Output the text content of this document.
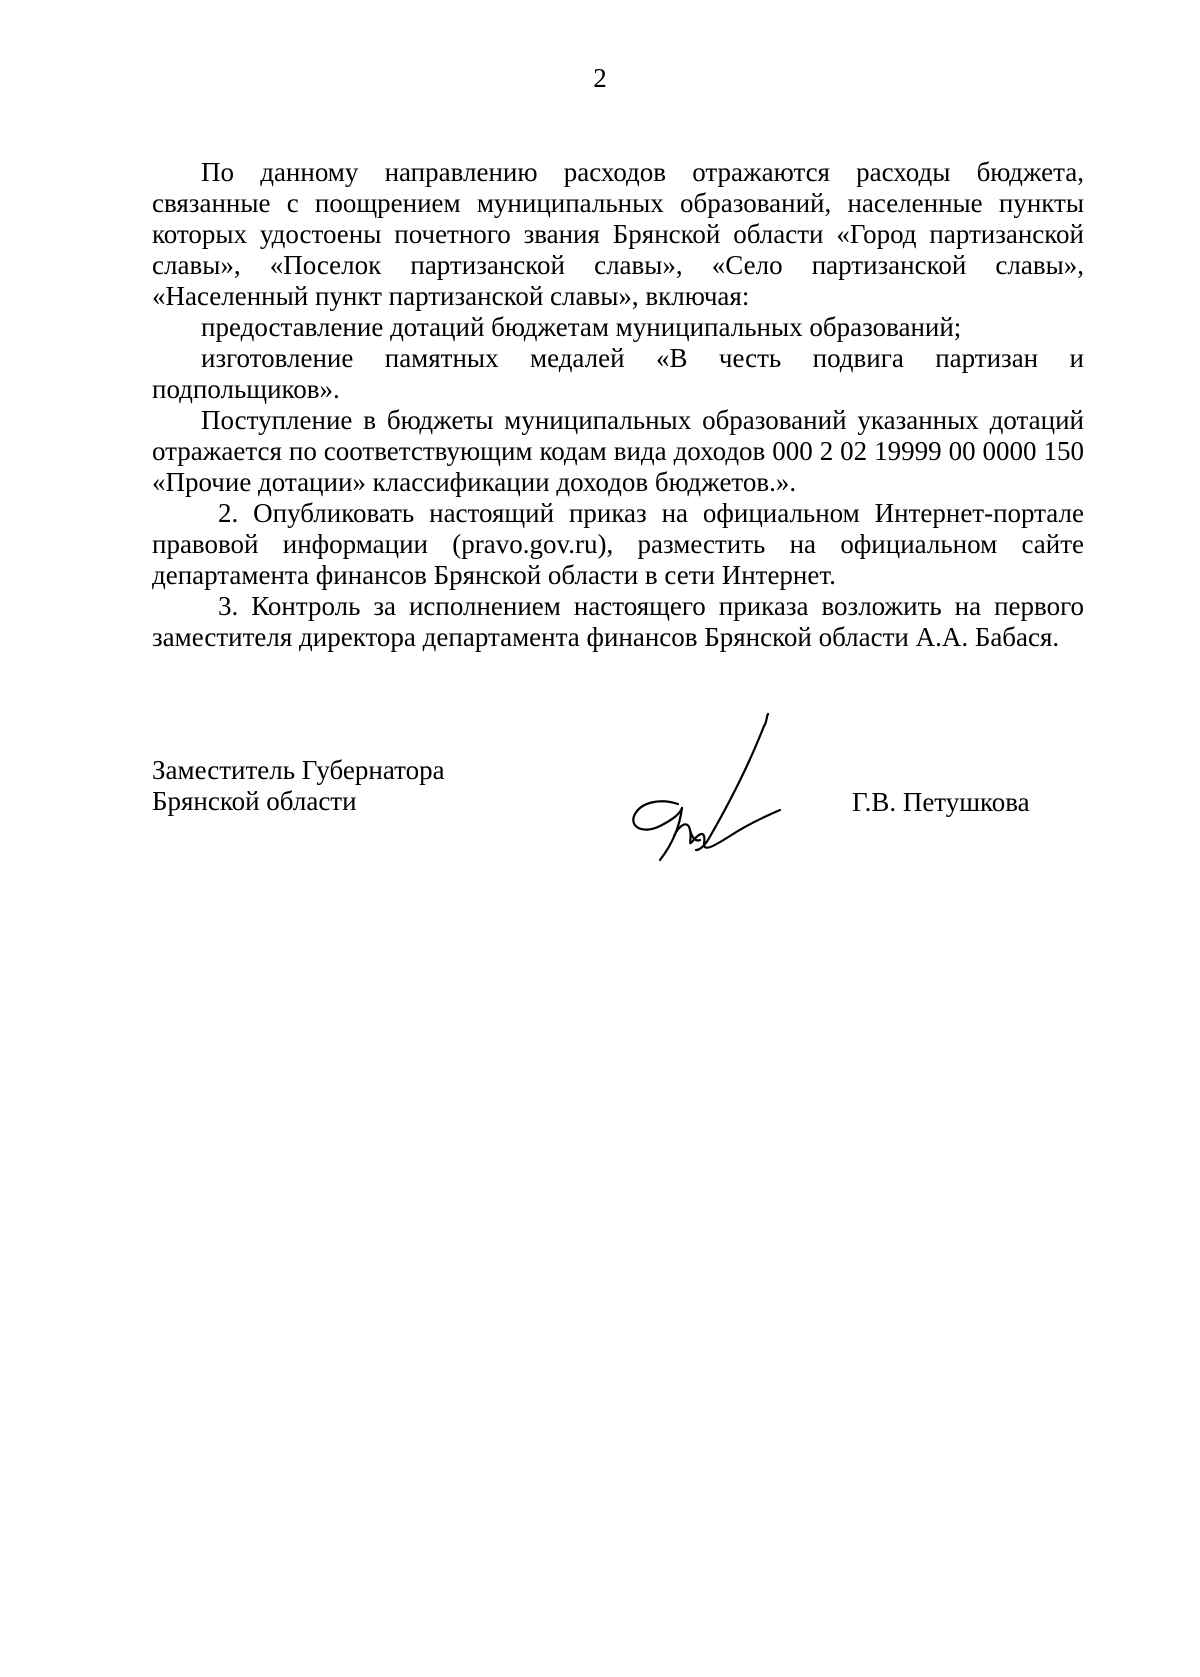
2

По данному направлению расходов отражаются расходы бюджета, связанные с поощрением муниципальных образований, населенные пункты которых удостоены почетного звания Брянской области «Город партизанской славы», «Поселок партизанской славы», «Село партизанской славы», «Населенный пункт партизанской славы», включая:

предоставление дотаций бюджетам муниципальных образований;

изготовление памятных медалей «В честь подвига партизан и подпольщиков».

Поступление в бюджеты муниципальных образований указанных дотаций отражается по соответствующим кодам вида доходов 000 2 02 19999 00 0000 150 «Прочие дотации» классификации доходов бюджетов.».

2. Опубликовать настоящий приказ на официальном Интернет-портале правовой информации (pravo.gov.ru), разместить на официальном сайте департамента финансов Брянской области в сети Интернет.

3. Контроль за исполнением настоящего приказа возложить на первого заместителя директора департамента финансов Брянской области А.А. Бабася.

Заместитель Губернатора
Брянской области	Г.В. Петушкова
